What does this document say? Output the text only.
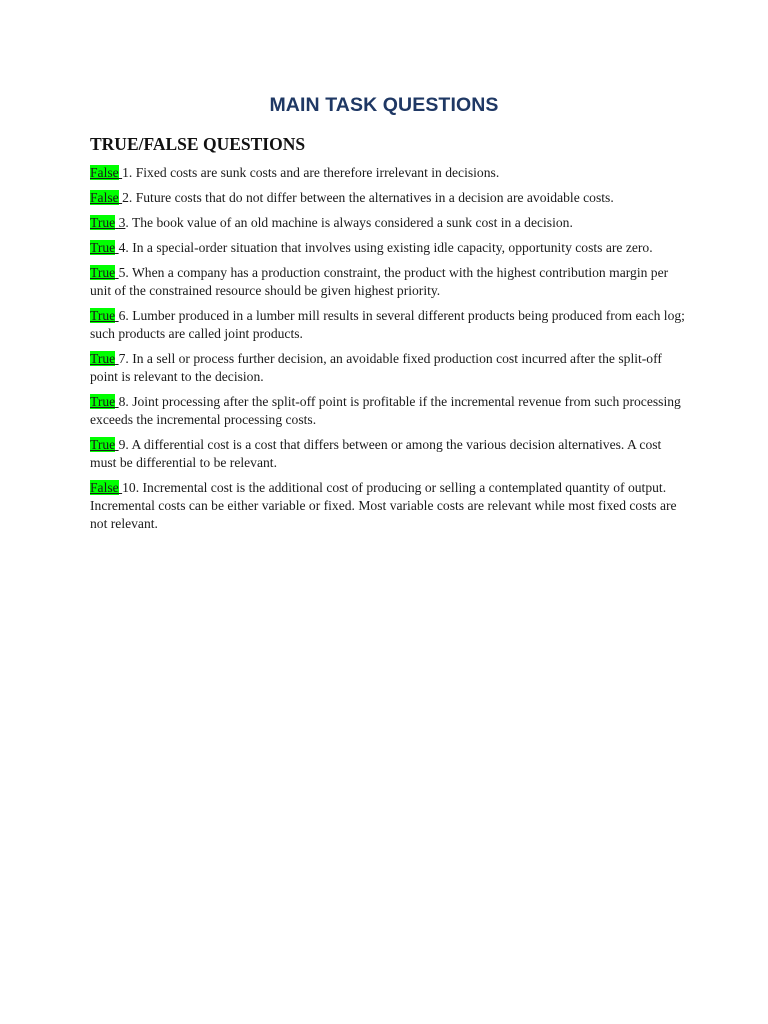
MAIN TASK QUESTIONS
TRUE/FALSE QUESTIONS
False 1. Fixed costs are sunk costs and are therefore irrelevant in decisions.
False 2. Future costs that do not differ between the alternatives in a decision are avoidable costs.
True 3. The book value of an old machine is always considered a sunk cost in a decision.
True 4. In a special-order situation that involves using existing idle capacity, opportunity costs are zero.
True 5. When a company has a production constraint, the product with the highest contribution margin per unit of the constrained resource should be given highest priority.
True 6. Lumber produced in a lumber mill results in several different products being produced from each log; such products are called joint products.
True 7. In a sell or process further decision, an avoidable fixed production cost incurred after the split-off point is relevant to the decision.
True 8. Joint processing after the split-off point is profitable if the incremental revenue from such processing exceeds the incremental processing costs.
True 9. A differential cost is a cost that differs between or among the various decision alternatives. A cost must be differential to be relevant.
False 10. Incremental cost is the additional cost of producing or selling a contemplated quantity of output. Incremental costs can be either variable or fixed. Most variable costs are relevant while most fixed costs are not relevant.
